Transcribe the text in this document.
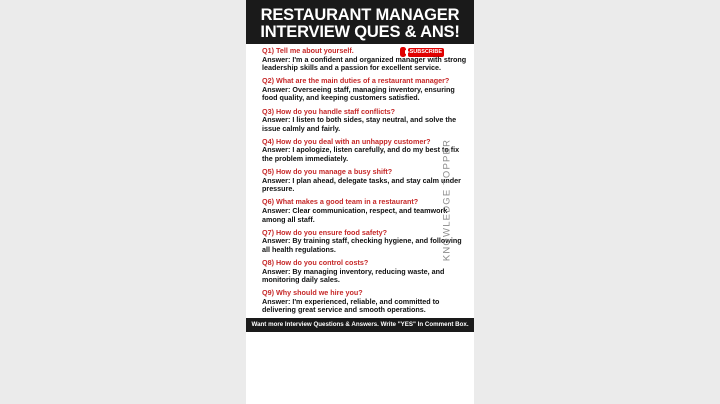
RESTAURANT MANAGER
INTERVIEW QUES & ANS!
SUBSCRIBE
Q1) Tell me about yourself.
Answer: I'm a confident and organized manager with strong leadership skills and a passion for excellent service.
Q2) What are the main duties of a restaurant manager?
Answer: Overseeing staff, managing inventory, ensuring food quality, and keeping customers satisfied.
Q3) How do you handle staff conflicts?
Answer: I listen to both sides, stay neutral, and solve the issue calmly and fairly.
Q4) How do you deal with an unhappy customer?
Answer: I apologize, listen carefully, and do my best to fix the problem immediately.
Q5) How do you manage a busy shift?
Answer: I plan ahead, delegate tasks, and stay calm under pressure.
Q6) What makes a good team in a restaurant?
Answer: Clear communication, respect, and teamwork among all staff.
Q7) How do you ensure food safety?
Answer: By training staff, checking hygiene, and following all health regulations.
Q8) How do you control costs?
Answer: By managing inventory, reducing waste, and monitoring daily sales.
Q9) Why should we hire you?
Answer: I'm experienced, reliable, and committed to delivering great service and smooth operations.
KNOWLEDGE TOPPER
Want more Interview Questions & Answers. Write "YES" In Comment Box.
